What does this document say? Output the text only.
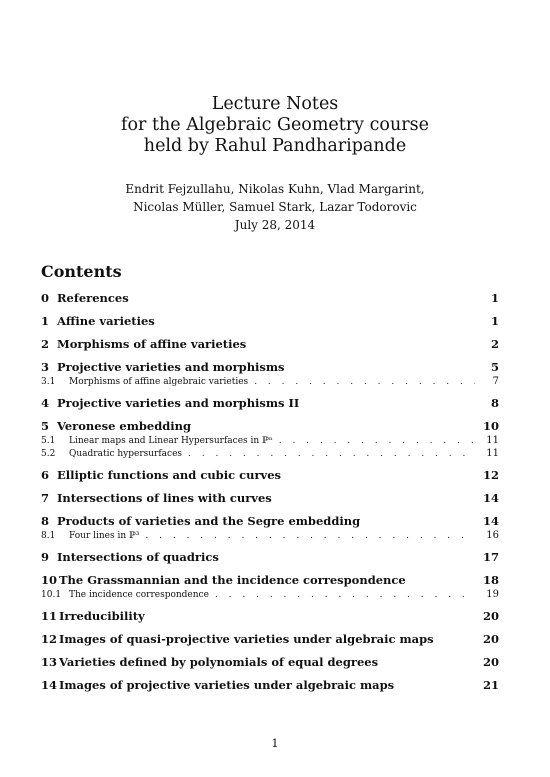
Lecture Notes
for the Algebraic Geometry course
held by Rahul Pandharipande
Endrit Fejzullahu, Nikolas Kuhn, Vlad Margarint,
Nicolas Müller, Samuel Stark, Lazar Todorovic
July 28, 2014
Contents
0 References	1
1 Affine varieties	1
2 Morphisms of affine varieties	2
3 Projective varieties and morphisms	5
3.1	Morphisms of affine algebraic varieties . . .	7
4 Projective varieties and morphisms II	8
5 Veronese embedding	10
5.1	Linear maps and Linear Hypersurfaces in ℙⁿ . . .	11
5.2	Quadratic hypersurfaces . . .	11
6 Elliptic functions and cubic curves	12
7 Intersections of lines with curves	14
8 Products of varieties and the Segre embedding	14
8.1	Four lines in ℙ³ . . .	16
9 Intersections of quadrics	17
10 The Grassmannian and the incidence correspondence	18
10.1 The incidence correspondence . . .	19
11 Irreducibility	20
12 Images of quasi-projective varieties under algebraic maps	20
13 Varieties defined by polynomials of equal degrees	20
14 Images of projective varieties under algebraic maps	21
1
